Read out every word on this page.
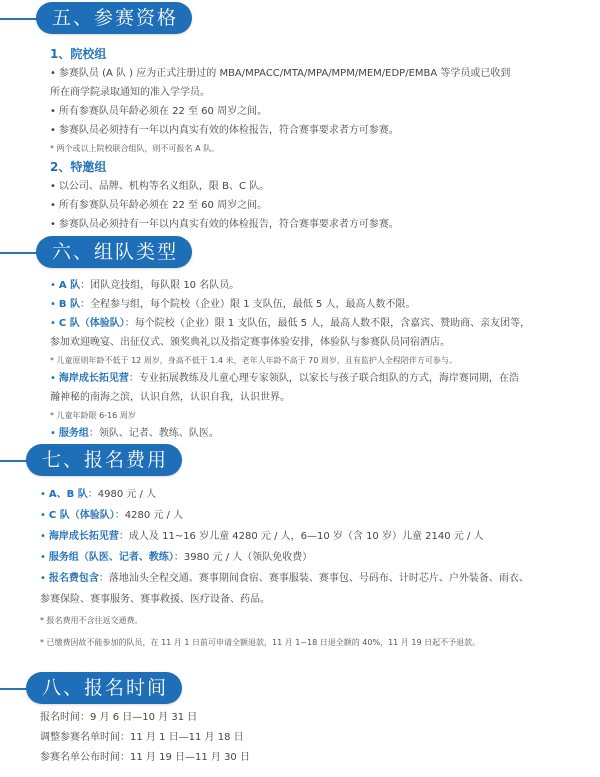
五、参赛资格
1、院校组
• 参赛队员 (A 队 ) 应为正式注册过的 MBA/MPACC/MTA/MPA/MPM/MEM/EDP/EMBA 等学员或已收到
所在商学院录取通知的准入学学员。
• 所有参赛队员年龄必须在 22 至 60 周岁之间。
• 参赛队员必须持有一年以内真实有效的体检报告，符合赛事要求者方可参赛。
* 两个或以上院校联合组队，则不可报名 A 队。
2、特邀组
• 以公司、品牌、机构等名义组队，限 B、C 队。
• 所有参赛队员年龄必须在 22 至 60 周岁之间。
• 参赛队员必须持有一年以内真实有效的体检报告，符合赛事要求者方可参赛。
六、组队类型
• A 队：团队竞技组，每队限 10 名队员。
• B 队：全程参与组，每个院校（企业）限 1 支队伍，最低 5 人，最高人数不限。
• C 队（体验队）：每个院校（企业）限 1 支队伍，最低 5 人，最高人数不限，含嘉宾、赞助商、亲友团等，
参加欢迎晚宴、出征仪式、颁奖典礼以及指定赛事体验安排，体验队与参赛队员同宿酒店。
* 儿童原则年龄不低于 12 周岁，身高不低于 1.4 米，老年人年龄不高于 70 周岁，且有监护人全程陪伴方可参与。
• 海岸成长拓见营：专业拓展教练及儿童心理专家领队，以家长与孩子联合组队的方式，海岸赛同期，在浩
瀚神秘的南海之滨，认识自然，认识自我，认识世界。
* 儿童年龄限 6-16 周岁
• 服务组：领队、记者、教练、队医。
七、报名费用
• A、B 队：4980 元 / 人
• C 队（体验队）：4280 元 / 人
• 海岸成长拓见营：成人及 11~16 岁儿童 4280 元 / 人，6—10 岁（含 10 岁）儿童 2140 元 / 人
• 服务组（队医、记者、教练）：3980 元 / 人（领队免收费）
• 报名费包含：落地汕头全程交通、赛事期间食宿、赛事服装、赛事包、号码布、计时芯片、户外装备、雨衣、
参赛保险、赛事服务、赛事救援、医疗设备、药品。
* 报名费用不含往返交通费。
* 已缴费因故不能参加的队员，在 11 月 1 日前可申请全额退款，11 月 1~18 日退全额的 40%，11 月 19 日起不予退款。
八、报名时间
报名时间：9 月 6 日—10 月 31 日
调整参赛名单时间：11 月 1 日—11 月 18 日
参赛名单公布时间：11 月 19 日—11 月 30 日
